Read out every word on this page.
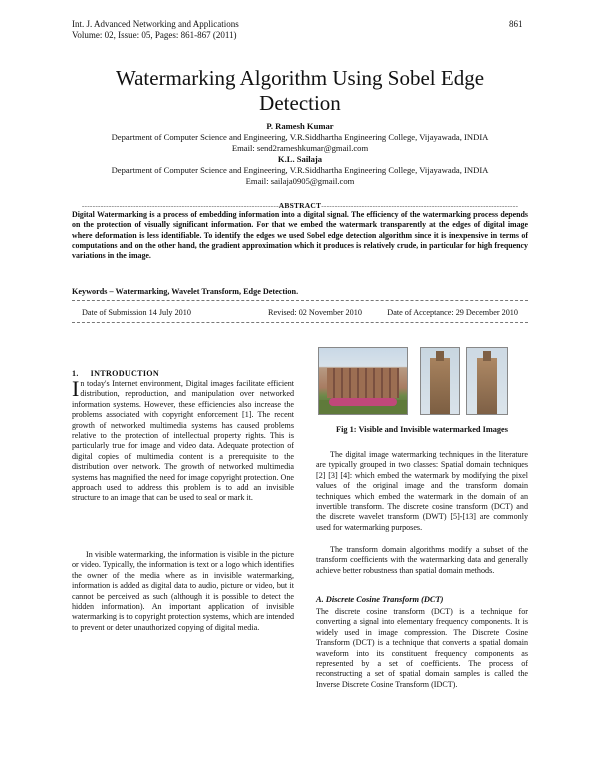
Int. J. Advanced Networking and Applications
Volume: 02, Issue: 05, Pages: 861-867 (2011)
861
Watermarking Algorithm Using Sobel Edge
Detection
P. Ramesh Kumar
Department of Computer Science and Engineering, V.R.Siddhartha Engineering College, Vijayawada, INDIA
Email: send2rameshkumar@gmail.com
K.L. Sailaja
Department of Computer Science and Engineering, V.R.Siddhartha Engineering College, Vijayawada, INDIA
Email: sailaja0905@gmail.com
-------------------------------------------------------------------------ABSTRACT-------------------------------------------------------------------------
Digital Watermarking is a process of embedding information into a digital signal. The efficiency of the watermarking process depends on the protection of visually significant information. For that we embed the watermark transparently at the edges of digital image where deformation is less identifiable. To identify the edges we used Sobel edge detection algorithm since it is inexpensive in terms of computations and on the other hand, the gradient approximation which it produces is relatively crude, in particular for high frequency variations in the image.
Keywords – Watermarking, Wavelet Transform, Edge Detection.
Date of Submission 14 July 2010	Revised: 02 November 2010	Date of Acceptance: 29 December 2010
1. INTRODUCTION
In today's Internet environment, Digital images facilitate efficient distribution, reproduction, and manipulation over networked information systems. However, these efficiencies also increase the problems associated with copyright enforcement [1]. The recent growth of networked multimedia systems has caused problems relative to the protection of intellectual property rights. This is particularly true for image and video data. Adequate protection of digital copies of multimedia content is a prerequisite to the distribution over network. The growth of networked multimedia systems has magnified the need for image copyright protection. One approach used to address this problem is to add an invisible structure to an image that can be used to seal or mark it.
In visible watermarking, the information is visible in the picture or video. Typically, the information is text or a logo which identifies the owner of the media where as in invisible watermarking, information is added as digital data to audio, picture or video, but it cannot be perceived as such (although it is possible to detect the hidden information). An important application of invisible watermarking is to copyright protection systems, which are intended to prevent or deter unauthorized copying of digital media.
Fig 1: Visible and Invisible watermarked Images
The digital image watermarking techniques in the literature are typically grouped in two classes: Spatial domain techniques [2] [3] [4]: which embed the watermark by modifying the pixel values of the original image and the transform domain techniques which embed the watermark in the domain of an invertible transform. The discrete cosine transform (DCT) and the discrete wavelet transform (DWT) [5]-[13] are commonly used for watermarking purposes.
The transform domain algorithms modify a subset of the transform coefficients with the watermarking data and generally achieve better robustness than spatial domain methods.
A. Discrete Cosine Transform (DCT)
The discrete cosine transform (DCT) is a technique for converting a signal into elementary frequency components. It is widely used in image compression. The Discrete Cosine Transform (DCT) is a technique that converts a spatial domain waveform into its constituent frequency components as represented by a set of coefficients. The process of reconstructing a set of spatial domain samples is called the Inverse Discrete Cosine Transform (IDCT).
